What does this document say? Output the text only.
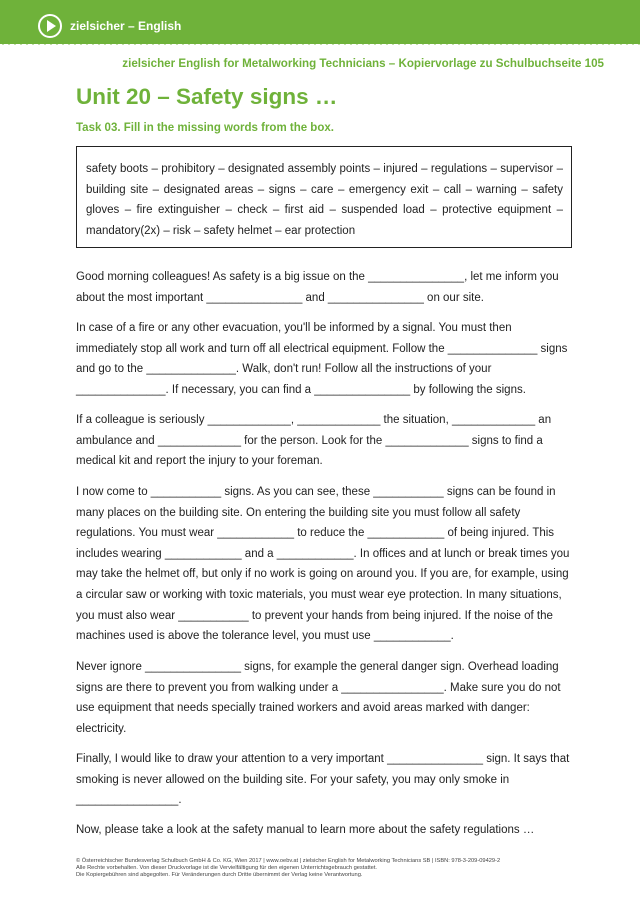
zielsicher – English
zielsicher English for Metalworking Technicians – Kopiervorlage zu Schulbuchseite 105
Unit 20 – Safety signs …
Task 03. Fill in the missing words from the box.
safety boots – prohibitory – designated assembly points – injured – regulations – supervisor – building site – designated areas – signs – care – emergency exit – call – warning – safety gloves – fire extinguisher – check – first aid – suspended load – protective equipment – mandatory(2x) – risk – safety helmet – ear protection

Good morning colleagues! As safety is a big issue on the _______________, let me inform you about the most important _______________ and _______________ on our site.

In case of a fire or any other evacuation, you'll be informed by a signal. You must then immediately stop all work and turn off all electrical equipment. Follow the ______________ signs and go to the ______________. Walk, don't run! Follow all the instructions of your ______________. If necessary, you can find a _______________ by following the signs.

If a colleague is seriously _____________, _____________ the situation, _____________ an ambulance and _____________ for the person. Look for the _____________ signs to find a medical kit and report the injury to your foreman.

I now come to ___________ signs. As you can see, these ___________ signs can be found in many places on the building site. On entering the building site you must follow all safety regulations. You must wear ____________ to reduce the ____________ of being injured. This includes wearing ____________ and a ____________. In offices and at lunch or break times you may take the helmet off, but only if no work is going on around you. If you are, for example, using a circular saw or working with toxic materials, you must wear eye protection. In many situations, you must also wear ___________ to prevent your hands from being injured. If the noise of the machines used is above the tolerance level, you must use ____________.

Never ignore _______________ signs, for example the general danger sign. Overhead loading signs are there to prevent you from walking under a ________________. Make sure you do not use equipment that needs specially trained workers and avoid areas marked with danger: electricity.

Finally, I would like to draw your attention to a very important _______________ sign. It says that smoking is never allowed on the building site. For your safety, you may only smoke in ________________.

Now, please take a look at the safety manual to learn more about the safety regulations …

© Österreichischer Bundesverlag Schulbuch GmbH & Co. KG, Wien 2017 | www.oebv.at | zielsicher English for Metalworking Technicians SB | ISBN: 978-3-209-09429-2
Alle Rechte vorbehalten. Von dieser Druckvorlage ist die Vervielfältigung für den eigenen Unterrichtsgebrauch gestattet.
Die Kopiergebühren sind abgegolten. Für Veränderungen durch Dritte übernimmt der Verlag keine Verantwortung.
